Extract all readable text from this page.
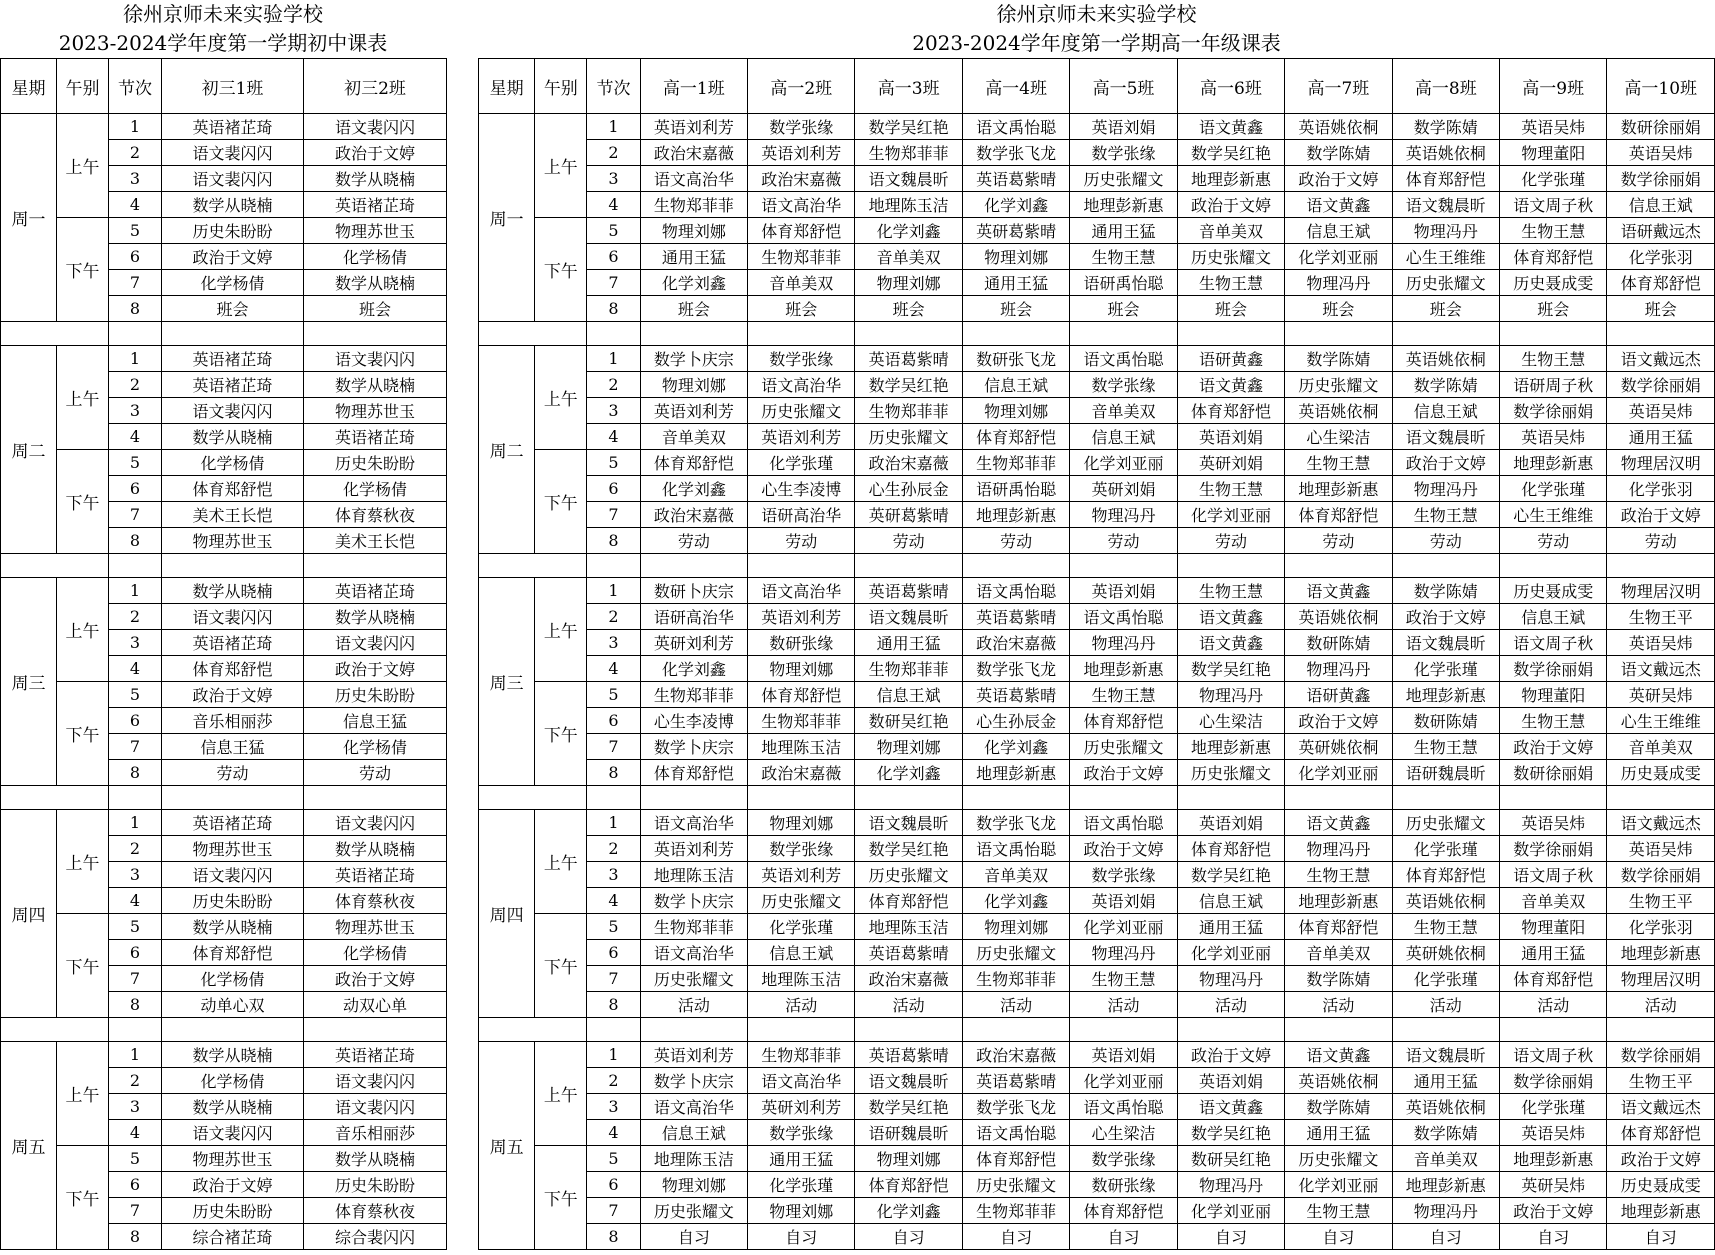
徐州京师未来实验学校
2023-2024学年度第一学期初中课表
星期	午别	节次	初三1班	初三2班
周一	上午	1	英语褚芷琦	语文裴闪闪
		2	语文裴闪闪	政治于文婷
		3	语文裴闪闪	数学从晓楠
		4	数学从晓楠	英语褚芷琦
	下午	5	历史朱盼盼	物理苏世玉
		6	政治于文婷	化学杨倩
		7	化学杨倩	数学从晓楠
		8	班会	班会

周二	上午	1	英语褚芷琦	语文裴闪闪
		2	英语褚芷琦	数学从晓楠
		3	语文裴闪闪	物理苏世玉
		4	数学从晓楠	英语褚芷琦
	下午	5	化学杨倩	历史朱盼盼
		6	体育郑舒恺	化学杨倩
		7	美术王长恺	体育蔡秋夜
		8	物理苏世玉	美术王长恺

周三	上午	1	数学从晓楠	英语褚芷琦
		2	语文裴闪闪	数学从晓楠
		3	英语褚芷琦	语文裴闪闪
		4	体育郑舒恺	政治于文婷
	下午	5	政治于文婷	历史朱盼盼
		6	音乐相丽莎	信息王猛
		7	信息王猛	化学杨倩
		8	劳动	劳动

周四	上午	1	英语褚芷琦	语文裴闪闪
		2	物理苏世玉	数学从晓楠
		3	语文裴闪闪	英语褚芷琦
		4	历史朱盼盼	体育蔡秋夜
	下午	5	数学从晓楠	物理苏世玉
		6	体育郑舒恺	化学杨倩
		7	化学杨倩	政治于文婷
		8	动单心双	动双心单

周五	上午	1	数学从晓楠	英语褚芷琦
		2	化学杨倩	语文裴闪闪
		3	数学从晓楠	语文裴闪闪
		4	语文裴闪闪	音乐相丽莎
	下午	5	物理苏世玉	数学从晓楠
		6	政治于文婷	历史朱盼盼
		7	历史朱盼盼	体育蔡秋夜
		8	综合褚芷琦	综合裴闪闪
徐州京师未来实验学校
2023-2024学年度第一学期高一年级课表
星期	午别	节次	高一1班	高一2班	高一3班	高一4班	高一5班	高一6班	高一7班	高一8班	高一9班	高一10班
周一	上午	1	英语刘利芳	数学张缘	数学吴红艳	语文禹怡聪	英语刘娟	语文黄鑫	英语姚依桐	数学陈婧	英语吴炜	数研徐丽娟
		2	政治宋嘉薇	英语刘利芳	生物郑菲菲	数学张飞龙	数学张缘	数学吴红艳	数学陈婧	英语姚依桐	物理董阳	英语吴炜
		3	语文高治华	政治宋嘉薇	语文魏晨昕	英语葛紫晴	历史张耀文	地理彭新惠	政治于文婷	体育郑舒恺	化学张瑾	数学徐丽娟
		4	生物郑菲菲	语文高治华	地理陈玉洁	化学刘鑫	地理彭新惠	政治于文婷	语文黄鑫	语文魏晨昕	语文周子秋	信息王斌
	下午	5	物理刘娜	体育郑舒恺	化学刘鑫	英研葛紫晴	通用王猛	音单美双	信息王斌	物理冯丹	生物王慧	语研戴远杰
		6	通用王猛	生物郑菲菲	音单美双	物理刘娜	生物王慧	历史张耀文	化学刘亚丽	心生王维维	体育郑舒恺	化学张羽
		7	化学刘鑫	音单美双	物理刘娜	通用王猛	语研禹怡聪	生物王慧	物理冯丹	历史张耀文	历史聂成雯	体育郑舒恺
		8	班会	班会	班会	班会	班会	班会	班会	班会	班会	班会

周二	上午	1	数学卜庆宗	数学张缘	英语葛紫晴	数研张飞龙	语文禹怡聪	语研黄鑫	数学陈婧	英语姚依桐	生物王慧	语文戴远杰
		2	物理刘娜	语文高治华	数学吴红艳	信息王斌	数学张缘	语文黄鑫	历史张耀文	数学陈婧	语研周子秋	数学徐丽娟
		3	英语刘利芳	历史张耀文	生物郑菲菲	物理刘娜	音单美双	体育郑舒恺	英语姚依桐	信息王斌	数学徐丽娟	英语吴炜
		4	音单美双	英语刘利芳	历史张耀文	体育郑舒恺	信息王斌	英语刘娟	心生梁洁	语文魏晨昕	英语吴炜	通用王猛
	下午	5	体育郑舒恺	化学张瑾	政治宋嘉薇	生物郑菲菲	化学刘亚丽	英研刘娟	生物王慧	政治于文婷	地理彭新惠	物理居汉明
		6	化学刘鑫	心生李凌博	心生孙辰金	语研禹怡聪	英研刘娟	生物王慧	地理彭新惠	物理冯丹	化学张瑾	化学张羽
		7	政治宋嘉薇	语研高治华	英研葛紫晴	地理彭新惠	物理冯丹	化学刘亚丽	体育郑舒恺	生物王慧	心生王维维	政治于文婷
		8	劳动	劳动	劳动	劳动	劳动	劳动	劳动	劳动	劳动	劳动

周三	上午	1	数研卜庆宗	语文高治华	英语葛紫晴	语文禹怡聪	英语刘娟	生物王慧	语文黄鑫	数学陈婧	历史聂成雯	物理居汉明
		2	语研高治华	英语刘利芳	语文魏晨昕	英语葛紫晴	语文禹怡聪	语文黄鑫	英语姚依桐	政治于文婷	信息王斌	生物王平
		3	英研刘利芳	数研张缘	通用王猛	政治宋嘉薇	物理冯丹	语文黄鑫	数研陈婧	语文魏晨昕	语文周子秋	英语吴炜
		4	化学刘鑫	物理刘娜	生物郑菲菲	数学张飞龙	地理彭新惠	数学吴红艳	物理冯丹	化学张瑾	数学徐丽娟	语文戴远杰
	下午	5	生物郑菲菲	体育郑舒恺	信息王斌	英语葛紫晴	生物王慧	物理冯丹	语研黄鑫	地理彭新惠	物理董阳	英研吴炜
		6	心生李凌博	生物郑菲菲	数研吴红艳	心生孙辰金	体育郑舒恺	心生梁洁	政治于文婷	数研陈婧	生物王慧	心生王维维
		7	数学卜庆宗	地理陈玉洁	物理刘娜	化学刘鑫	历史张耀文	地理彭新惠	英研姚依桐	生物王慧	政治于文婷	音单美双
		8	体育郑舒恺	政治宋嘉薇	化学刘鑫	地理彭新惠	政治于文婷	历史张耀文	化学刘亚丽	语研魏晨昕	数研徐丽娟	历史聂成雯

周四	上午	1	语文高治华	物理刘娜	语文魏晨昕	数学张飞龙	语文禹怡聪	英语刘娟	语文黄鑫	历史张耀文	英语吴炜	语文戴远杰
		2	英语刘利芳	数学张缘	数学吴红艳	语文禹怡聪	政治于文婷	体育郑舒恺	物理冯丹	化学张瑾	数学徐丽娟	英语吴炜
		3	地理陈玉洁	英语刘利芳	历史张耀文	音单美双	数学张缘	数学吴红艳	生物王慧	体育郑舒恺	语文周子秋	数学徐丽娟
		4	数学卜庆宗	历史张耀文	体育郑舒恺	化学刘鑫	英语刘娟	信息王斌	地理彭新惠	英语姚依桐	音单美双	生物王平
	下午	5	生物郑菲菲	化学张瑾	地理陈玉洁	物理刘娜	化学刘亚丽	通用王猛	体育郑舒恺	生物王慧	物理董阳	化学张羽
		6	语文高治华	信息王斌	英语葛紫晴	历史张耀文	物理冯丹	化学刘亚丽	音单美双	英研姚依桐	通用王猛	地理彭新惠
		7	历史张耀文	地理陈玉洁	政治宋嘉薇	生物郑菲菲	生物王慧	物理冯丹	数学陈婧	化学张瑾	体育郑舒恺	物理居汉明
		8	活动	活动	活动	活动	活动	活动	活动	活动	活动	活动

周五	上午	1	英语刘利芳	生物郑菲菲	英语葛紫晴	政治宋嘉薇	英语刘娟	政治于文婷	语文黄鑫	语文魏晨昕	语文周子秋	数学徐丽娟
		2	数学卜庆宗	语文高治华	语文魏晨昕	英语葛紫晴	化学刘亚丽	英语刘娟	英语姚依桐	通用王猛	数学徐丽娟	生物王平
		3	语文高治华	英研刘利芳	数学吴红艳	数学张飞龙	语文禹怡聪	语文黄鑫	数学陈婧	英语姚依桐	化学张瑾	语文戴远杰
		4	信息王斌	数学张缘	语研魏晨昕	语文禹怡聪	心生梁洁	数学吴红艳	通用王猛	数学陈婧	英语吴炜	体育郑舒恺
	下午	5	地理陈玉洁	通用王猛	物理刘娜	体育郑舒恺	数学张缘	数研吴红艳	历史张耀文	音单美双	地理彭新惠	政治于文婷
		6	物理刘娜	化学张瑾	体育郑舒恺	历史张耀文	数研张缘	物理冯丹	化学刘亚丽	地理彭新惠	英研吴炜	历史聂成雯
		7	历史张耀文	物理刘娜	化学刘鑫	生物郑菲菲	体育郑舒恺	化学刘亚丽	生物王慧	物理冯丹	政治于文婷	地理彭新惠
		8	自习	自习	自习	自习	自习	自习	自习	自习	自习	自习
